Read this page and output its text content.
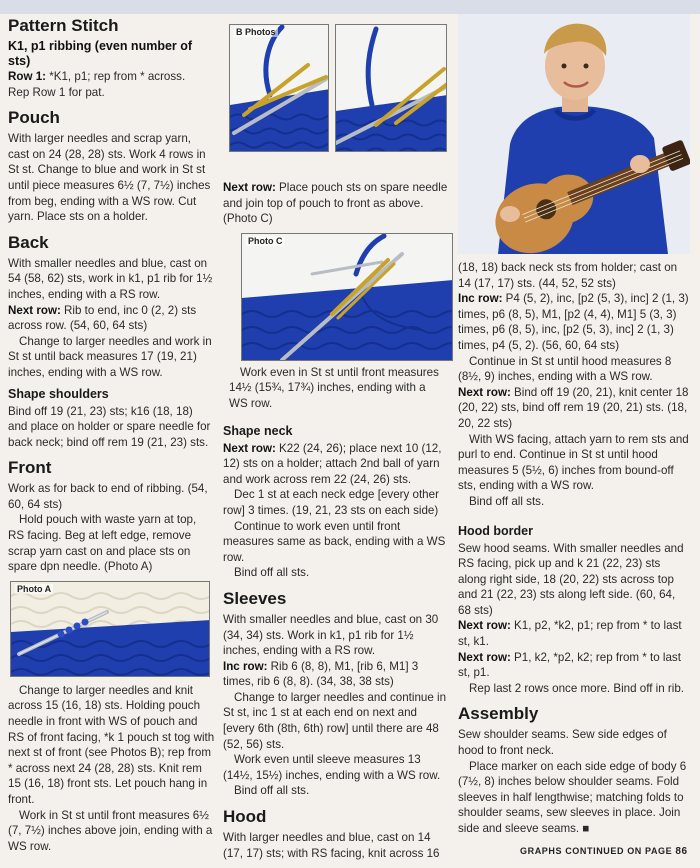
Pattern Stitch

K1, p1 ribbing (even number of sts)

Row 1: *K1, p1; rep from * across.

Rep Row 1 for pat.

Pouch

With larger needles and scrap yarn, cast on 24 (28, 28) sts. Work 4 rows in St st. Change to blue and work in St st until piece measures 6½ (7, 7½) inches from beg, ending with a WS row. Cut yarn. Place sts on a holder.

Back

With smaller needles and blue, cast on 54 (58, 62) sts, work in k1, p1 rib for 1½ inches, ending with a RS row.

Next row: Rib to end, inc 0 (2, 2) sts across row. (54, 60, 64 sts)

Change to larger needles and work in St st until back measures 17 (19, 21) inches, ending with a WS row.

Shape shoulders

Bind off 19 (21, 23) sts; k16 (18, 18) and place on holder or spare needle for back neck; bind off rem 19 (21, 23) sts.

Front

Work as for back to end of ribbing. (54, 60, 64 sts)

Hold pouch with waste yarn at top, RS facing. Beg at left edge, remove scrap yarn cast on and place sts on spare dpn needle. (Photo A)

Photo A

Change to larger needles and knit across 15 (16, 18) sts. Holding pouch needle in front with WS of pouch and RS of front facing, *k 1 pouch st tog with next st of front (see Photos B); rep from * across next 24 (28, 28) sts. Knit rem 15 (16, 18) front sts. Let pouch hang in front.

Work in St st until front measures 6½ (7, 7½) inches above join, ending with a WS row.

B Photos

Next row: Place pouch sts on spare needle and join top of pouch to front as above. (Photo C)

Photo C

Work even in St st until front measures 14½ (15¾, 17¾) inches, ending with a WS row.

Shape neck

Next row: K22 (24, 26); place next 10 (12, 12) sts on a holder; attach 2nd ball of yarn and work across rem 22 (24, 26) sts.

Dec 1 st at each neck edge [every other row] 3 times. (19, 21, 23 sts on each side)

Continue to work even until front measures same as back, ending with a WS row.

Bind off all sts.

Sleeves

With smaller needles and blue, cast on 30 (34, 34) sts. Work in k1, p1 rib for 1½ inches, ending with a RS row.

Inc row: Rib 6 (8, 8), M1, [rib 6, M1] 3 times, rib 6 (8, 8). (34, 38, 38 sts)

Change to larger needles and continue in St st, inc 1 st at each end on next and [every 6th (8th, 6th) row] until there are 48 (52, 56) sts.

Work even until sleeve measures 13 (14½, 15½) inches, ending with a WS row.

Bind off all sts.

Hood

With larger needles and blue, cast on 14 (17, 17) sts; with RS facing, knit across 16

(18, 18) back neck sts from holder; cast on 14 (17, 17) sts. (44, 52, 52 sts)

Inc row: P4 (5, 2), inc, [p2 (5, 3), inc] 2 (1, 3) times, p6 (8, 5), M1, [p2 (4, 4), M1] 5 (3, 3) times, p6 (8, 5), inc, [p2 (5, 3), inc] 2 (1, 3) times, p4 (5, 2). (56, 60, 64 sts)

Continue in St st until hood measures 8 (8½, 9) inches, ending with a WS row.

Next row: Bind off 19 (20, 21), knit center 18 (20, 22) sts, bind off rem 19 (20, 21) sts. (18, 20, 22 sts)

With WS facing, attach yarn to rem sts and purl to end. Continue in St st until hood measures 5 (5½, 6) inches from bound-off sts, ending with a WS row.

Bind off all sts.

Hood border

Sew hood seams. With smaller needles and RS facing, pick up and k 21 (22, 23) sts along right side, 18 (20, 22) sts across top and 21 (22, 23) sts along left side. (60, 64, 68 sts)

Next row: K1, p2, *k2, p1; rep from * to last st, k1.

Next row: P1, k2, *p2, k2; rep from * to last st, p1.

Rep last 2 rows once more. Bind off in rib.

Assembly

Sew shoulder seams. Sew side edges of hood to front neck.

Place marker on each side edge of body 6 (7½, 8) inches below shoulder seams. Fold sleeves in half lengthwise; matching folds to shoulder seams, sew sleeves in place. Join side and sleeve seams. ■

GRAPHS CONTINUED ON PAGE 86
